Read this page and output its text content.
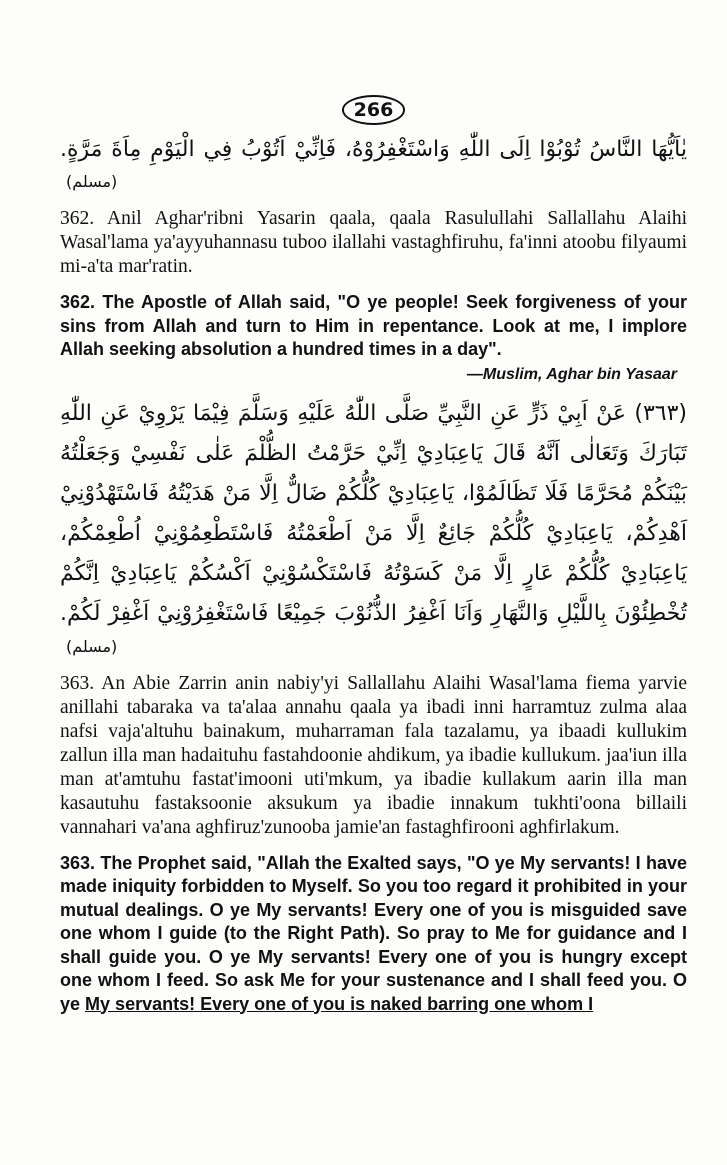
266

يٰاَيُّهَا النَّاسُ تُوْبُوْا اِلَى اللّٰهِ وَاسْتَغْفِرُوْهُ، فَاِنِّيْ اَتُوْبُ فِي الْيَوْمِ مِاَةَ مَرَّةٍ.

(مسلم)

362. Anil Aghar'ribni Yasarin qaala, qaala Rasulullahi Sallallahu Alaihi Wasal'lama ya'ayyuhannasu tuboo ilallahi vastaghfiruhu, fa'inni atoobu filyaumi mi-a'ta mar'ratin.

362. The Apostle of Allah said, "O ye people! Seek forgiveness of your sins from Allah and turn to Him in repentance. Look at me, I implore Allah seeking absolution a hundred times in a day".

—Muslim, Aghar bin Yasaar

(٣٦٣) عَنْ اَبِيْ ذَرٍّ عَنِ النَّبِيِّ صَلَّى اللّٰهُ عَلَيْهِ وَسَلَّمَ فِيْمَا يَرْوِيْ عَنِ اللّٰهِ تَبَارَكَ وَتَعَالٰى اَنَّهُ قَالَ يَاعِبَادِيْ اِنِّيْ حَرَّمْتُ الظُّلْمَ عَلٰى نَفْسِيْ وَجَعَلْتُهُ بَيْنَكُمْ مُحَرَّمًا فَلَا تَظَالَمُوْا، يَاعِبَادِيْ كُلُّكُمْ ضَالٌّ اِلَّا مَنْ هَدَيْتُهُ فَاسْتَهْدُوْنِيْ اَهْدِكُمْ، يَاعِبَادِيْ كُلُّكُمْ جَائِعٌ اِلَّا مَنْ اَطْعَمْتُهُ فَاسْتَطْعِمُوْنِيْ اُطْعِمْكُمْ، يَاعِبَادِيْ كُلُّكُمْ عَارٍ اِلَّا مَنْ كَسَوْتُهُ فَاسْتَكْسُوْنِيْ اَكْسُكُمْ يَاعِبَادِيْ اِنَّكُمْ تُخْطِئُوْنَ بِاللَّيْلِ وَالنَّهَارِ وَاَنَا اَغْفِرُ الذُّنُوْبَ جَمِيْعًا فَاسْتَغْفِرُوْنِيْ اَغْفِرْ لَكُمْ.

(مسلم)

363. An Abie Zarrin anin nabiy'yi Sallallahu Alaihi Wasal'lama fiema yarvie anillahi tabaraka va ta'alaa annahu qaala ya ibadi inni harramtuz zulma alaa nafsi vaja'altuhu bainakum, muharraman fala tazalamu, ya ibaadi kullukim zallun illa man hadaituhu fastahdoonie ahdikum, ya ibadie kullukum. jaa'iun illa man at'amtuhu fastat'imooni uti'mkum, ya ibadie kullakum aarin illa man kasautuhu fastaksoonie aksukum ya ibadie innakum tukhti'oona billaili vannahari va'ana aghfiruz'zunooba jamie'an fastaghfirooni aghfirlakum.

363. The Prophet said, "Allah the Exalted says, "O ye My servants! I have made iniquity forbidden to Myself. So you too regard it prohibited in your mutual dealings. O ye My servants! Every one of you is misguided save one whom I guide (to the Right Path). So pray to Me for guidance and I shall guide you. O ye My servants! Every one of you is hungry except one whom I feed. So ask Me for your sustenance and I shall feed you. O ye My servants! Every one of you is naked barring one whom I
